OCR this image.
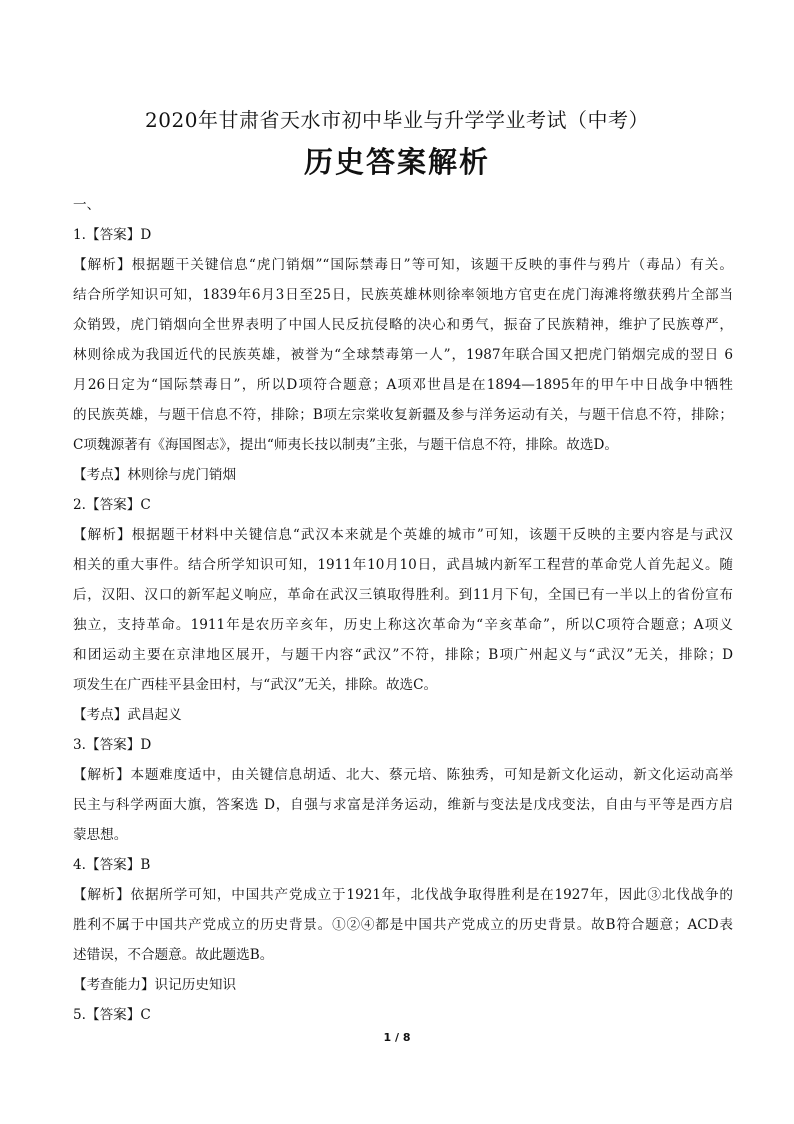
2020年甘肃省天水市初中毕业与升学学业考试（中考）
历史答案解析
一、
1.【答案】D
【解析】根据题干关键信息“虎门销烟”“国际禁毒日”等可知，该题干反映的事件与鸦片（毒品）有关。
结合所学知识可知，1839年6月3日至25日，民族英雄林则徐率领地方官吏在虎门海滩将缴获鸦片全部当
众销毁，虎门销烟向全世界表明了中国人民反抗侵略的决心和勇气，振奋了民族精神，维护了民族尊严，
林则徐成为我国近代的民族英雄，被誉为“全球禁毒第一人”，1987年联合国又把虎门销烟完成的翌日 6
月26日定为“国际禁毒日”，所以D项符合题意；A项邓世昌是在1894—1895年的甲午中日战争中牺牲
的民族英雄，与题干信息不符，排除；B项左宗棠收复新疆及参与洋务运动有关，与题干信息不符，排除；
C项魏源著有《海国图志》，提出“师夷长技以制夷”主张，与题干信息不符，排除。故选D。
【考点】林则徐与虎门销烟
2.【答案】C
【解析】根据题干材料中关键信息“武汉本来就是个英雄的城市”可知，该题干反映的主要内容是与武汉
相关的重大事件。结合所学知识可知，1911年10月10日，武昌城内新军工程营的革命党人首先起义。随
后，汉阳、汉口的新军起义响应，革命在武汉三镇取得胜利。到11月下旬，全国已有一半以上的省份宣布
独立，支持革命。1911年是农历辛亥年，历史上称这次革命为“辛亥革命”，所以C项符合题意；A项义
和团运动主要在京津地区展开，与题干内容“武汉”不符，排除；B项广州起义与“武汉”无关，排除；D
项发生在广西桂平县金田村，与“武汉”无关，排除。故选C。
【考点】武昌起义
3.【答案】D
【解析】本题难度适中，由关键信息胡适、北大、蔡元培、陈独秀，可知是新文化运动，新文化运动高举
民主与科学两面大旗，答案选 D，自强与求富是洋务运动，维新与变法是戊戌变法，自由与平等是西方启
蒙思想。
4.【答案】B
【解析】依据所学可知，中国共产党成立于1921年，北伐战争取得胜利是在1927年，因此③北伐战争的
胜利不属于中国共产党成立的历史背景。①②④都是中国共产党成立的历史背景。故B符合题意；ACD表
述错误，不合题意。故此题选B。
【考查能力】识记历史知识
5.【答案】C
1 / 8
